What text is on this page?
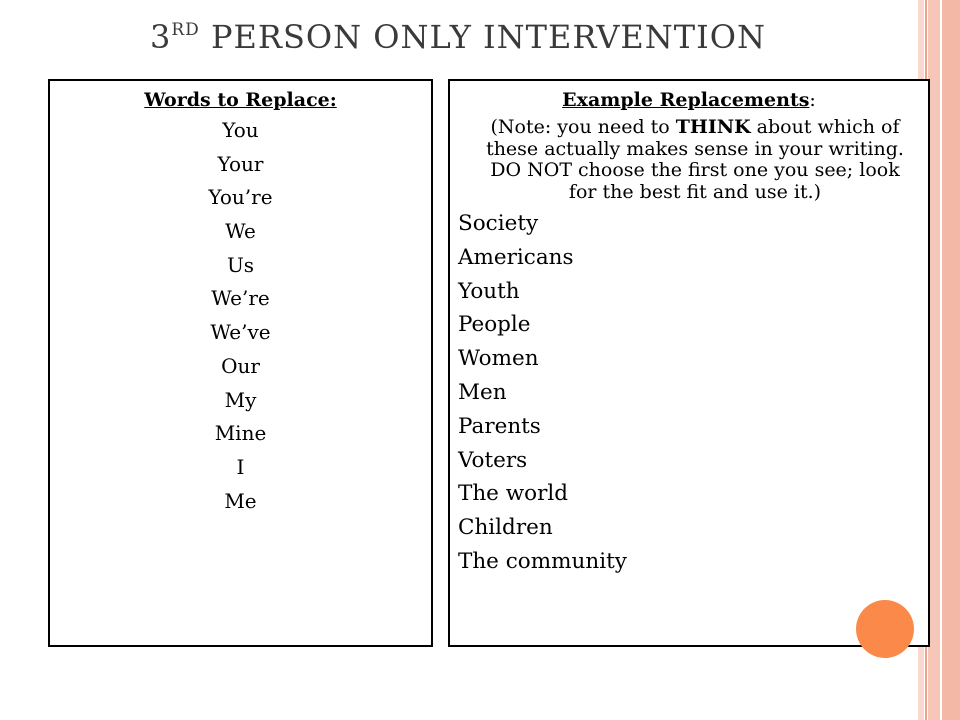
3RD PERSON ONLY INTERVENTION
Words to Replace:
You
Your
You’re
We
Us
We’re
We’ve
Our
My
Mine
I
Me
Example Replacements:
(Note: you need to THINK about which of these actually makes sense in your writing. DO NOT choose the first one you see; look for the best fit and use it.)
Society
Americans
Youth
People
Women
Men
Parents
Voters
The world
Children
The community
